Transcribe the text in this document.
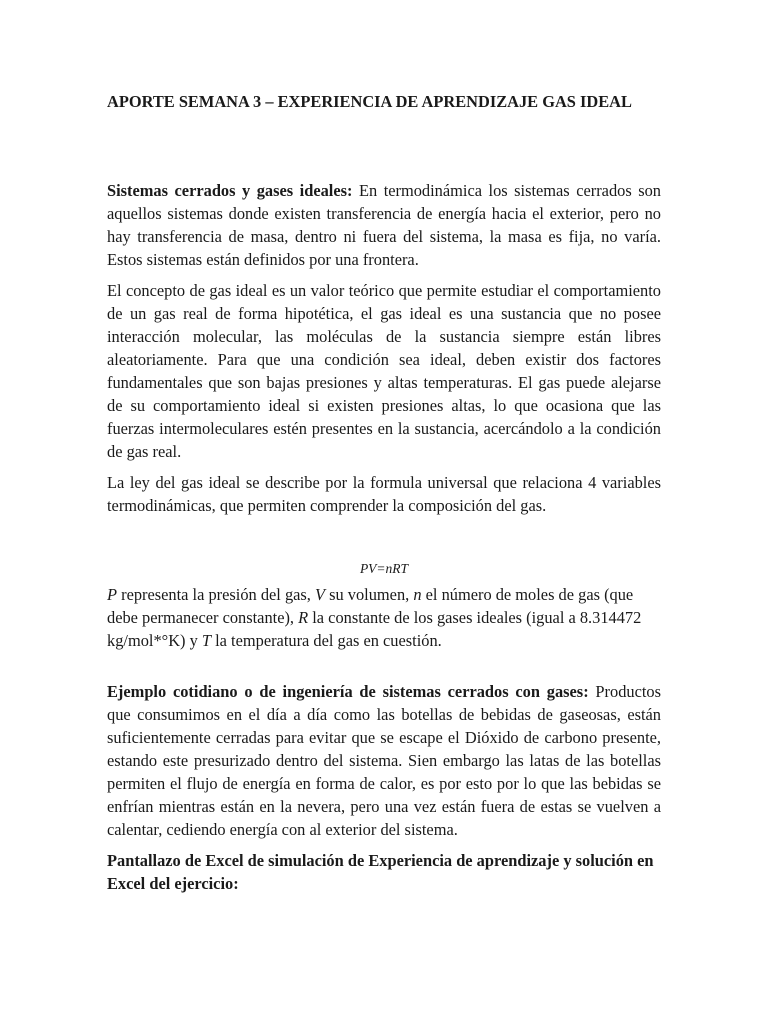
APORTE SEMANA 3 – EXPERIENCIA DE APRENDIZAJE GAS IDEAL

Sistemas cerrados y gases ideales: En termodinámica los sistemas cerrados son aquellos sistemas donde existen transferencia de energía hacia el exterior, pero no hay transferencia de masa, dentro ni fuera del sistema, la masa es fija, no varía. Estos sistemas están definidos por una frontera.

El concepto de gas ideal es un valor teórico que permite estudiar el comportamiento de un gas real de forma hipotética, el gas ideal es una sustancia que no posee interacción molecular, las moléculas de la sustancia siempre están libres aleatoriamente. Para que una condición sea ideal, deben existir dos factores fundamentales que son bajas presiones y altas temperaturas. El gas puede alejarse de su comportamiento ideal si existen presiones altas, lo que ocasiona que las fuerzas intermoleculares estén presentes en la sustancia, acercándolo a la condición de gas real.

La ley del gas ideal se describe por la formula universal que relaciona 4 variables termodinámicas, que permiten comprender la composición del gas.

PV=nRT

P representa la presión del gas, V su volumen, n el número de moles de gas (que debe permanecer constante), R la constante de los gases ideales (igual a 8.314472 kg/mol*°K) y T la temperatura del gas en cuestión.

Ejemplo cotidiano o de ingeniería de sistemas cerrados con gases: Productos que consumimos en el día a día como las botellas de bebidas de gaseosas, están suficientemente cerradas para evitar que se escape el Dióxido de carbono presente, estando este presurizado dentro del sistema. Sien embargo las latas de las botellas permiten el flujo de energía en forma de calor, es por esto por lo que las bebidas se enfrían mientras están en la nevera, pero una vez están fuera de estas se vuelven a calentar, cediendo energía con al exterior del sistema.

Pantallazo de Excel de simulación de Experiencia de aprendizaje y solución en Excel del ejercicio:
